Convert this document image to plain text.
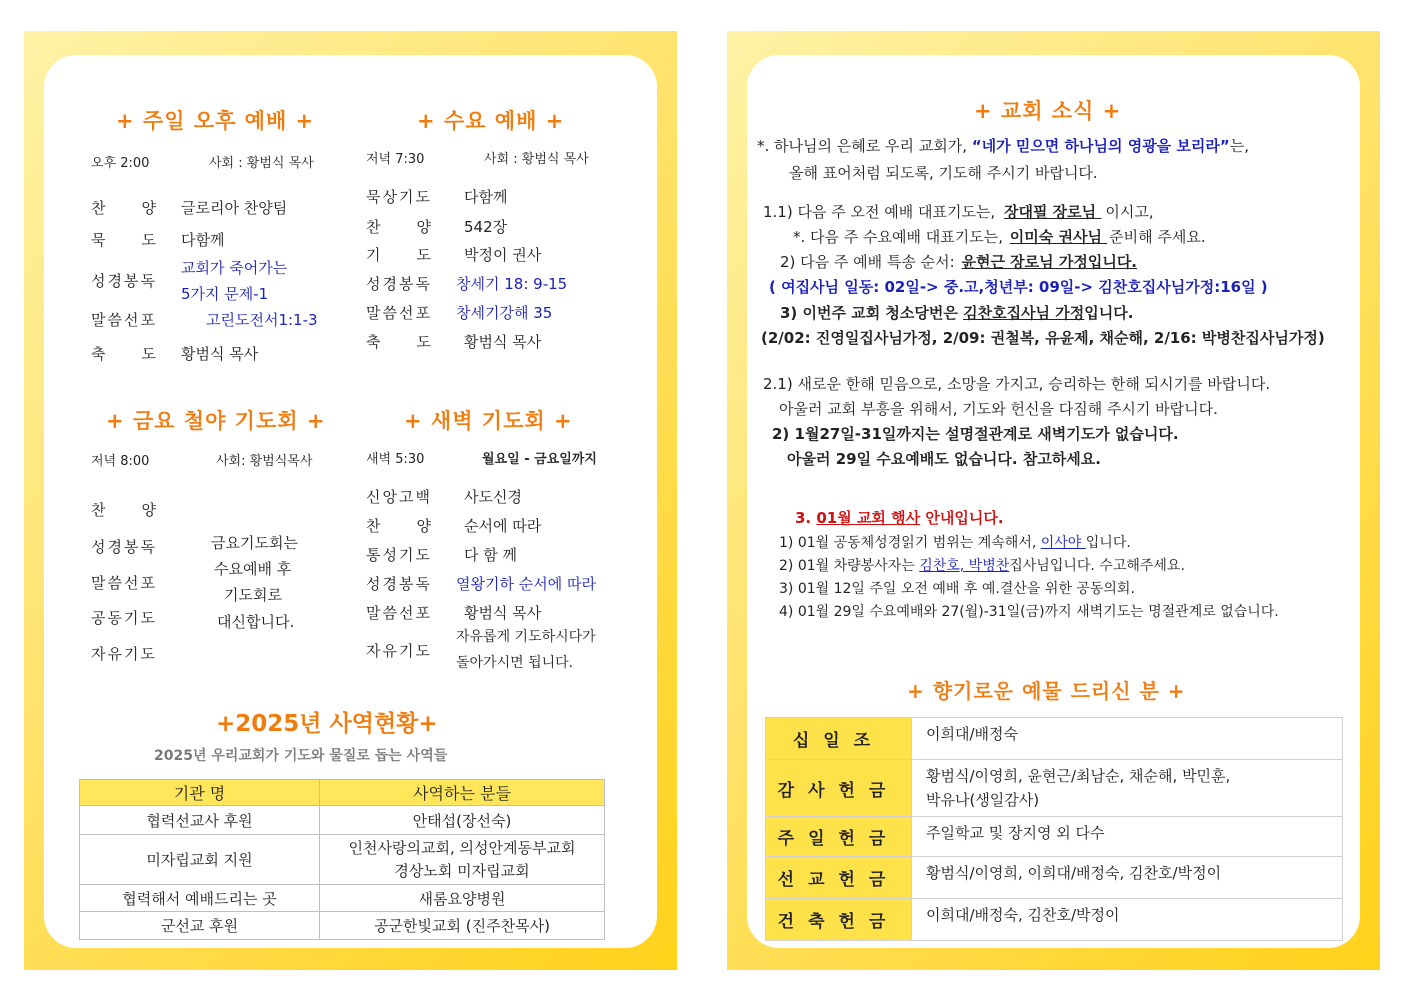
+ 주일 오후 예배 +
오후 2:00	사회 : 황범식 목사
찬　　양 글로리아 찬양팀
묵　　도 다함께
성경봉독
교회가 죽어가는
5가지 문제-1
말씀선포	고린도전서1:1-3
축　　도 황범식 목사
+ 수요 예배 +
저녁 7:30	사회 : 황범식 목사
묵상기도 다함께
찬　　양 542장
기　　도 박정이 권사
성경봉독 창세기 18: 9-15
말씀선포 창세기강해 35
축　　도 황범식 목사
+ 금요 철야 기도회 +
저녁 8:00	사회: 황범식목사
찬　　양
성경봉독
말씀선포
공동기도
자유기도
금요기도회는
수요예배 후
기도회로
대신합니다.
+ 새벽 기도회 +
새벽 5:30	월요일 - 금요일까지
신앙고백 사도신경
찬　　양 순서에 따라
통성기도 다 함 께
성경봉독 열왕기하 순서에 따라
말씀선포 황범식 목사
자유기도
자유롭게 기도하시다가
돌아가시면 됩니다.
+2025년 사역현황+
2025년 우리교회가 기도와 물질로 돕는 사역들
기관 명	사역하는 분들
협력선교사 후원	안태섭(장선숙)
미자립교회 지원	인천사랑의교회, 의성안계동부교회
경상노회 미자립교회

협력해서 예배드리는 곳	새롬요양병원
군선교 후원	공군한빛교회 (진주찬목사)
+ 교회 소식 +
*. 하나님의 은혜로 우리 교회가, “네가 믿으면 하나님의 영광을 보리라”는,
올해 표어처럼 되도록, 기도해 주시기 바랍니다.
1.1) 다음 주 오전 예배 대표기도는, 장대필 장로님 이시고,
*. 다음 주 수요예배 대표기도는, 이미숙 권사님 준비해 주세요.
2) 다음 주 예배 특송 순서: 윤현근 장로님 가정입니다.
( 여집사님 일동: 02일-> 중.고,청년부: 09일-> 김찬호집사님가정:16일 )
3) 이번주 교회 청소당번은 김찬호집사님 가정입니다.
(2/02: 진영일집사님가정, 2/09: 권철복, 유윤제, 채순해, 2/16: 박병찬집사님가정)
2.1) 새로운 한해 믿음으로, 소망을 가지고, 승리하는 한해 되시기를 바랍니다.
아울러 교회 부흥을 위해서, 기도와 헌신을 다짐해 주시기 바랍니다.
2) 1월27일-31일까지는 설명절관계로 새벽기도가 없습니다.
아울러 29일 수요예배도 없습니다. 참고하세요.
3. 01월 교회 행사 안내입니다.
1) 01월 공동체성경읽기 범위는 계속해서, 이사야 입니다.
2) 01월 차량봉사자는 김찬호, 박병찬집사님입니다. 수고해주세요.
3) 01월 12일 주일 오전 예배 후 예.결산을 위한 공동의회.
4) 01월 29일 수요예배와 27(월)-31일(금)까지 새벽기도는 명절관계로 없습니다.
+ 향기로운 예물 드리신 분 +
십일조	이희대/배정숙
감사헌금	황범식/이영희, 윤현근/최남순, 채순해, 박민훈,
박유나(생일감사)

주일헌금	주일학교 및 장지영 외 다수
선교헌금	황범식/이영희, 이희대/배정숙, 김찬호/박정이
건축헌금	이희대/배정숙, 김찬호/박정이
